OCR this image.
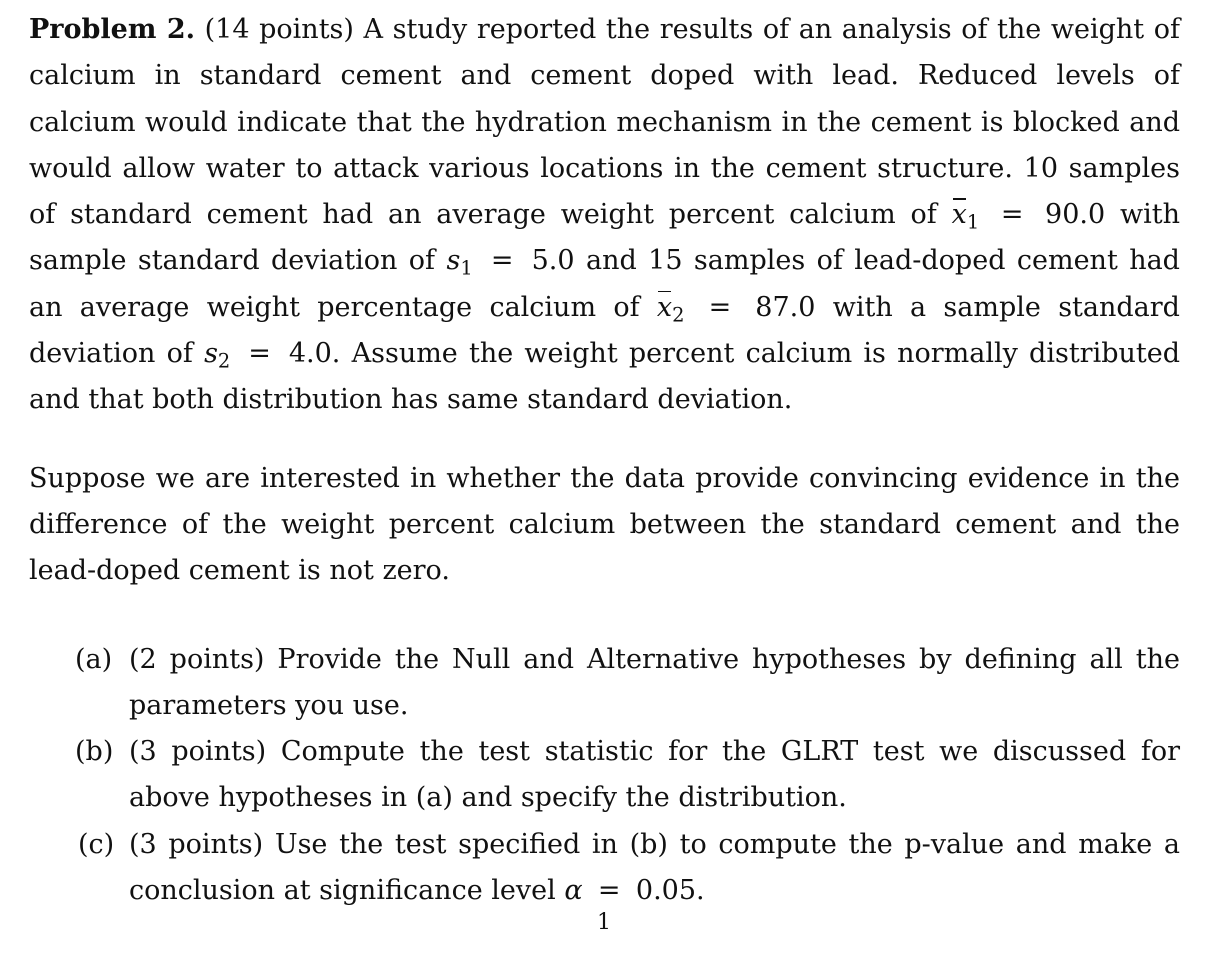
Problem 2. (14 points) A study reported the results of an analysis of the weight of calcium in standard cement and cement doped with lead. Reduced levels of calcium would indicate that the hydration mechanism in the cement is blocked and would allow water to attack various locations in the cement structure. 10 samples of standard cement had an average weight percent calcium of $x_1 = 90.0$ with sample standard deviation of $s_1 = 5.0$ and 15 samples of lead-doped cement had an average weight percentage calcium of $x_2 = 87.0$ with a sample standard deviation of $s_2 = 4.0$. Assume the weight percent calcium is normally distributed and that both distribution has same standard deviation.

Suppose we are interested in whether the data provide convincing evidence in the difference of the weight percent calcium between the standard cement and the lead-doped cement is not zero.

(a) (2 points) Provide the Null and Alternative hypotheses by defining all the parameters you use.
(b) (3 points) Compute the test statistic for the GLRT test we discussed for above hypotheses in (a) and specify the distribution.
(c) (3 points) Use the test specified in (b) to compute the p-value and make a conclusion at significance level α = 0.05.
1
